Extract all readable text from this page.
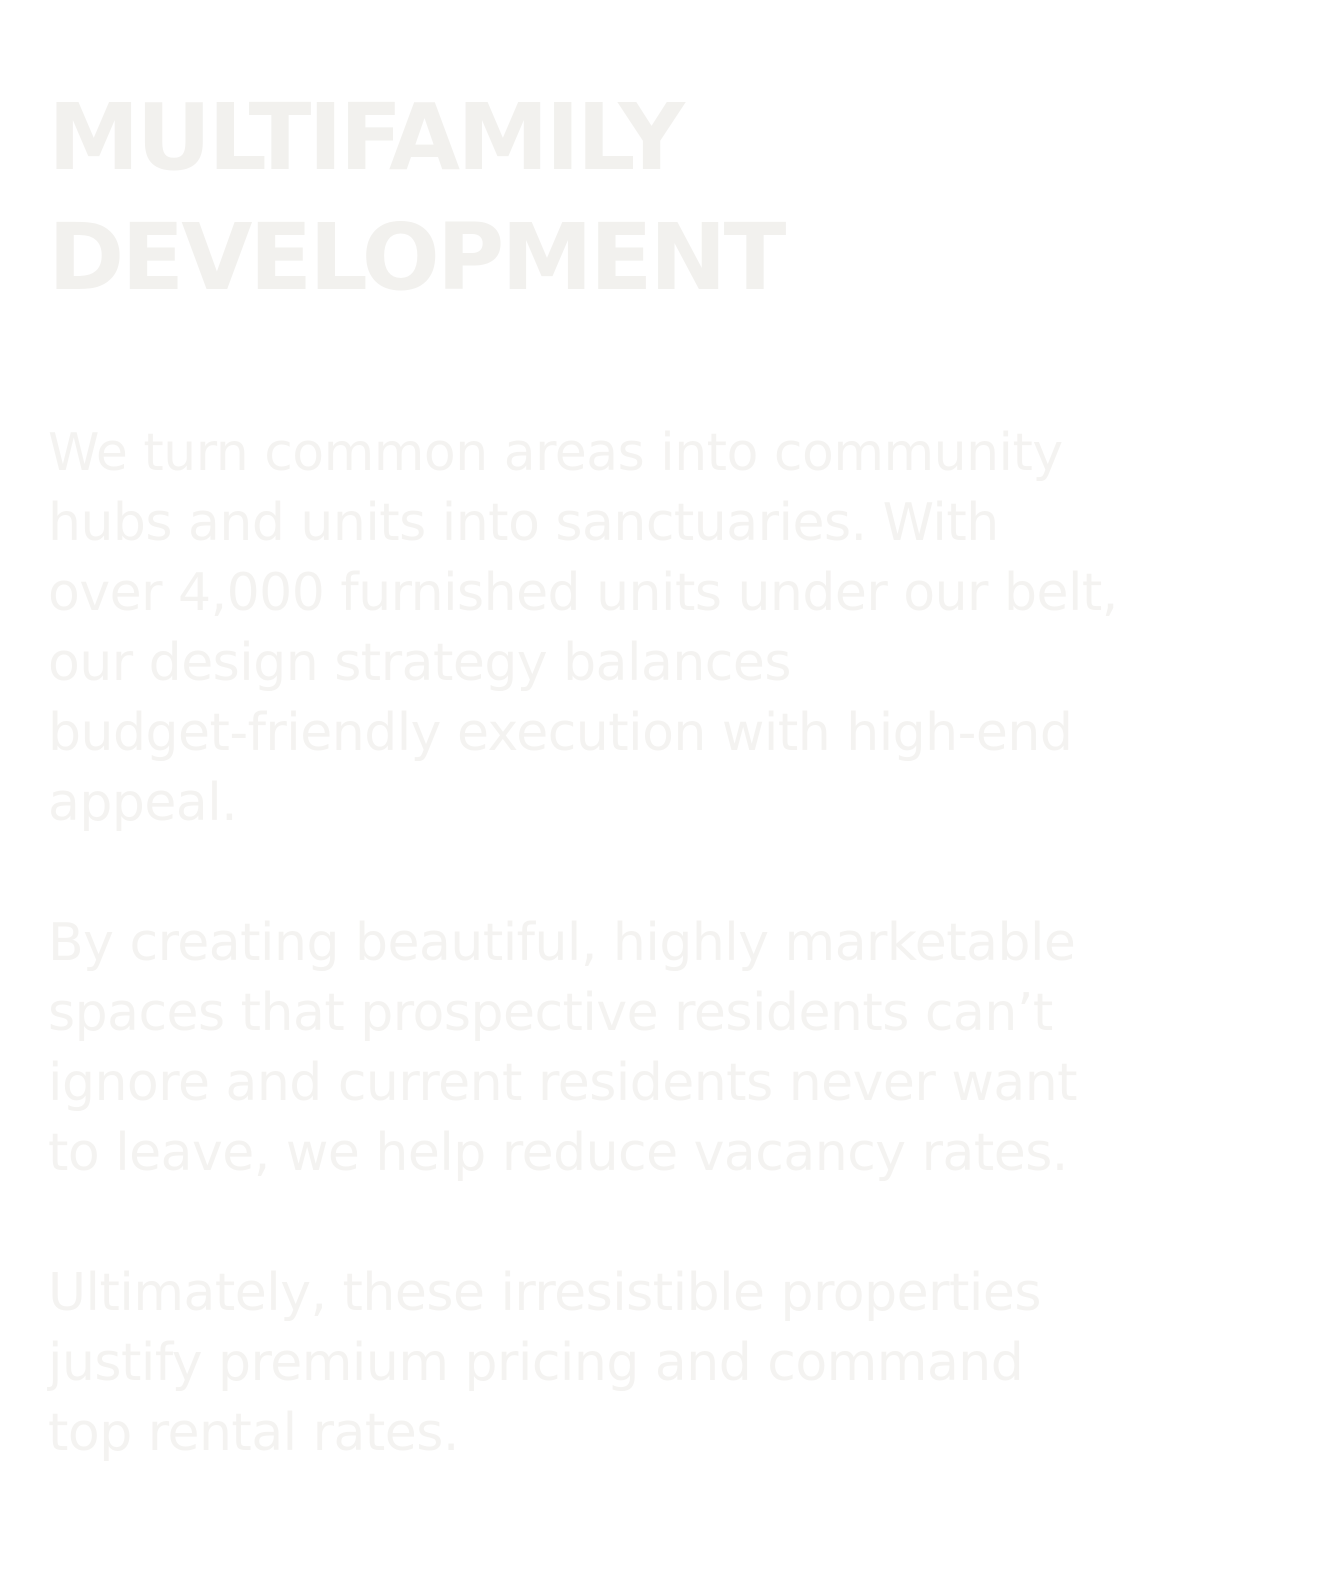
MULTIFAMILY
DEVELOPMENT

We turn common areas into community
hubs and units into sanctuaries. With
over 4,000 furnished units under our belt,
our design strategy balances
budget-friendly execution with high-end
appeal.

By creating beautiful, highly marketable
spaces that prospective residents can’t
ignore and current residents never want
to leave, we help reduce vacancy rates.

Ultimately, these irresistible properties
justify premium pricing and command
top rental rates.
